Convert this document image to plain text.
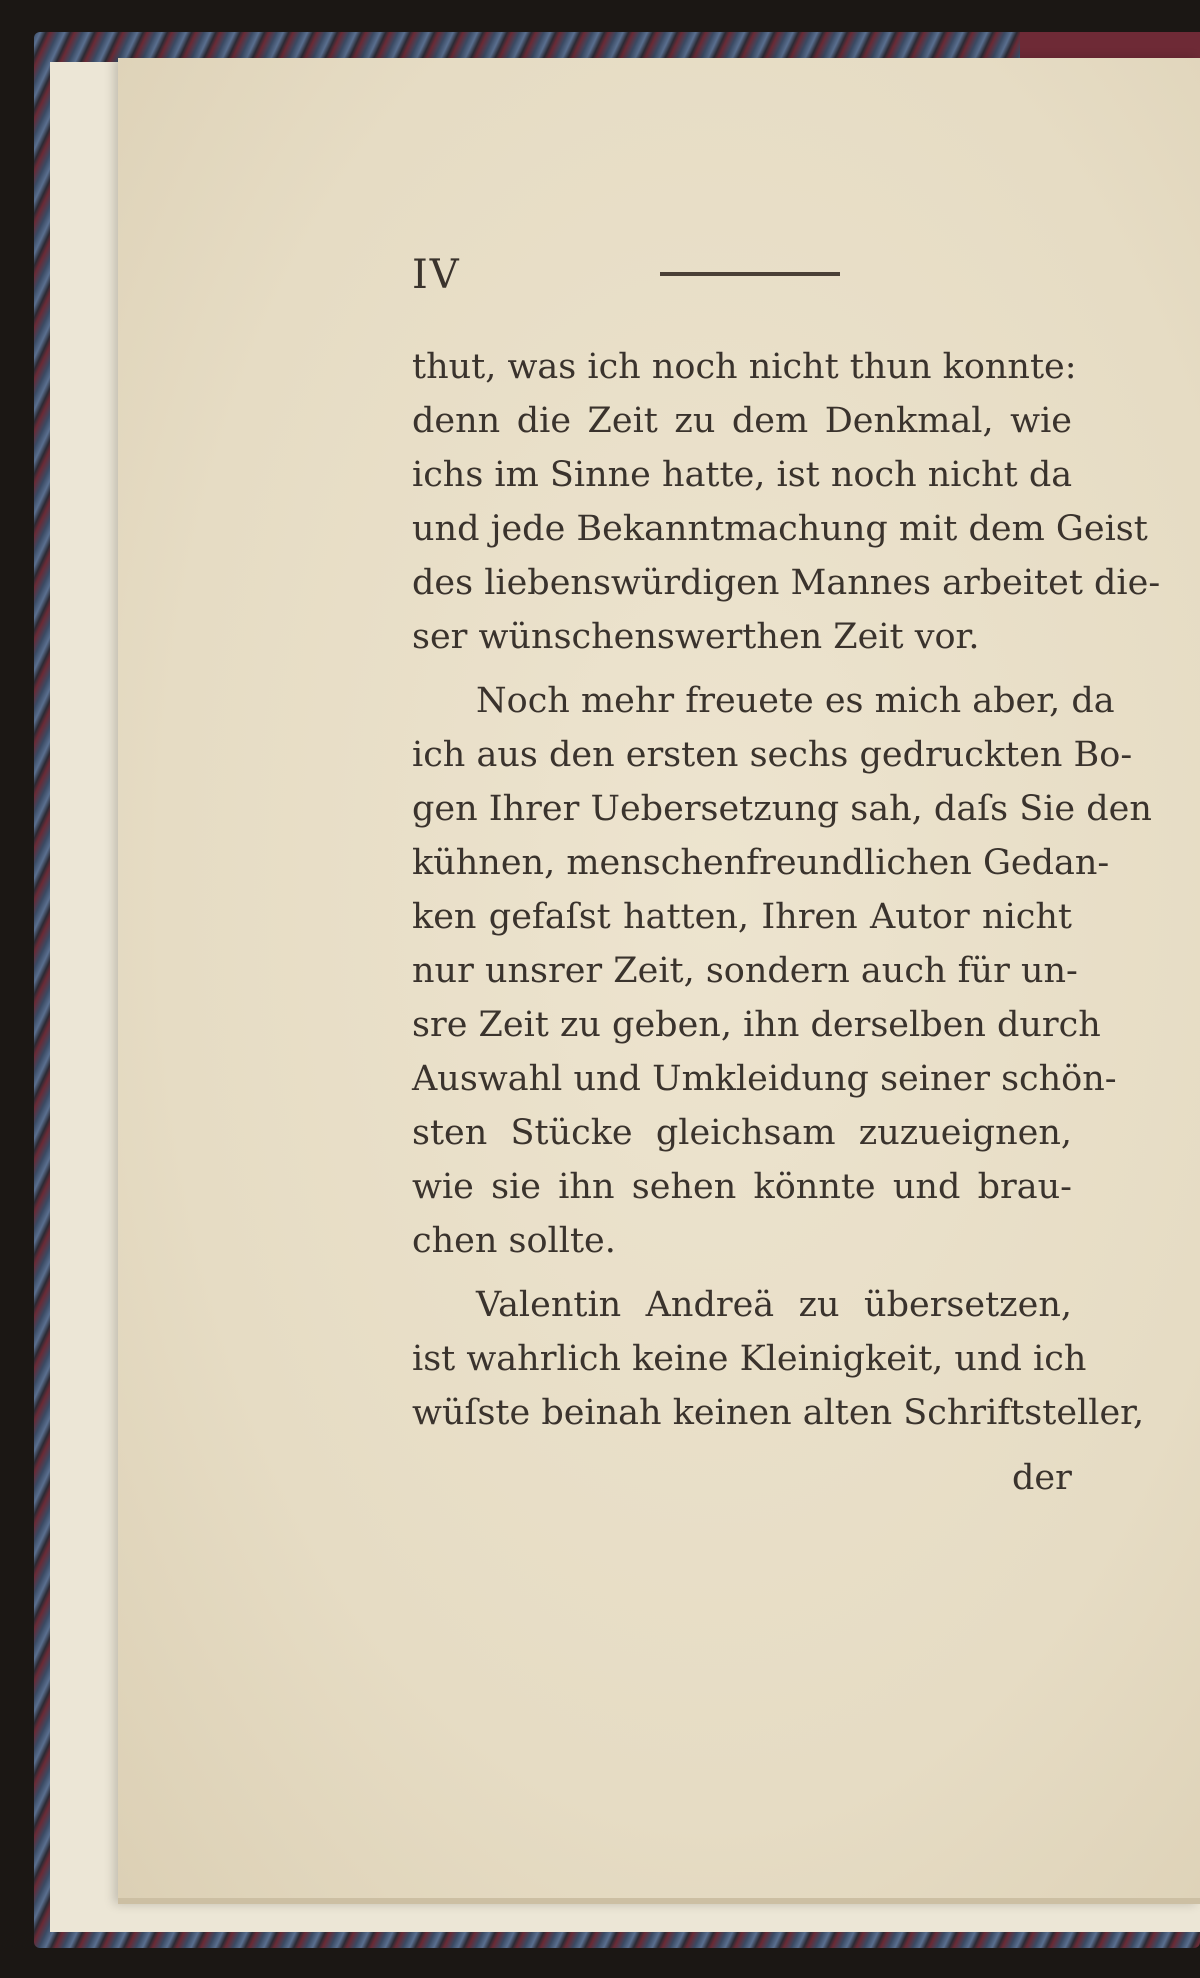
IV
thut, was ich noch nicht thun konnte:
denn die Zeit zu dem Denkmal, wie
ichs im Sinne hatte, ist noch nicht da
und jede Bekanntmachung mit dem Geist
des liebenswürdigen Mannes arbeitet die-
ser wünschenswerthen Zeit vor.
Noch mehr freuete es mich aber, da
ich aus den ersten sechs gedruckten Bo-
gen Ihrer Uebersetzung sah, daſs Sie den
kühnen, menschenfreundlichen Gedan-
ken gefaſst hatten, Ihren Autor nicht
nur unsrer Zeit, sondern auch für un-
sre Zeit zu geben, ihn derselben durch
Auswahl und Umkleidung seiner schön-
sten Stücke gleichsam zuzueignen,
wie sie ihn sehen könnte und brau-
chen sollte.
Valentin Andreä zu übersetzen,
ist wahrlich keine Kleinigkeit, und ich
wüſste beinah keinen alten Schriftsteller,
der
